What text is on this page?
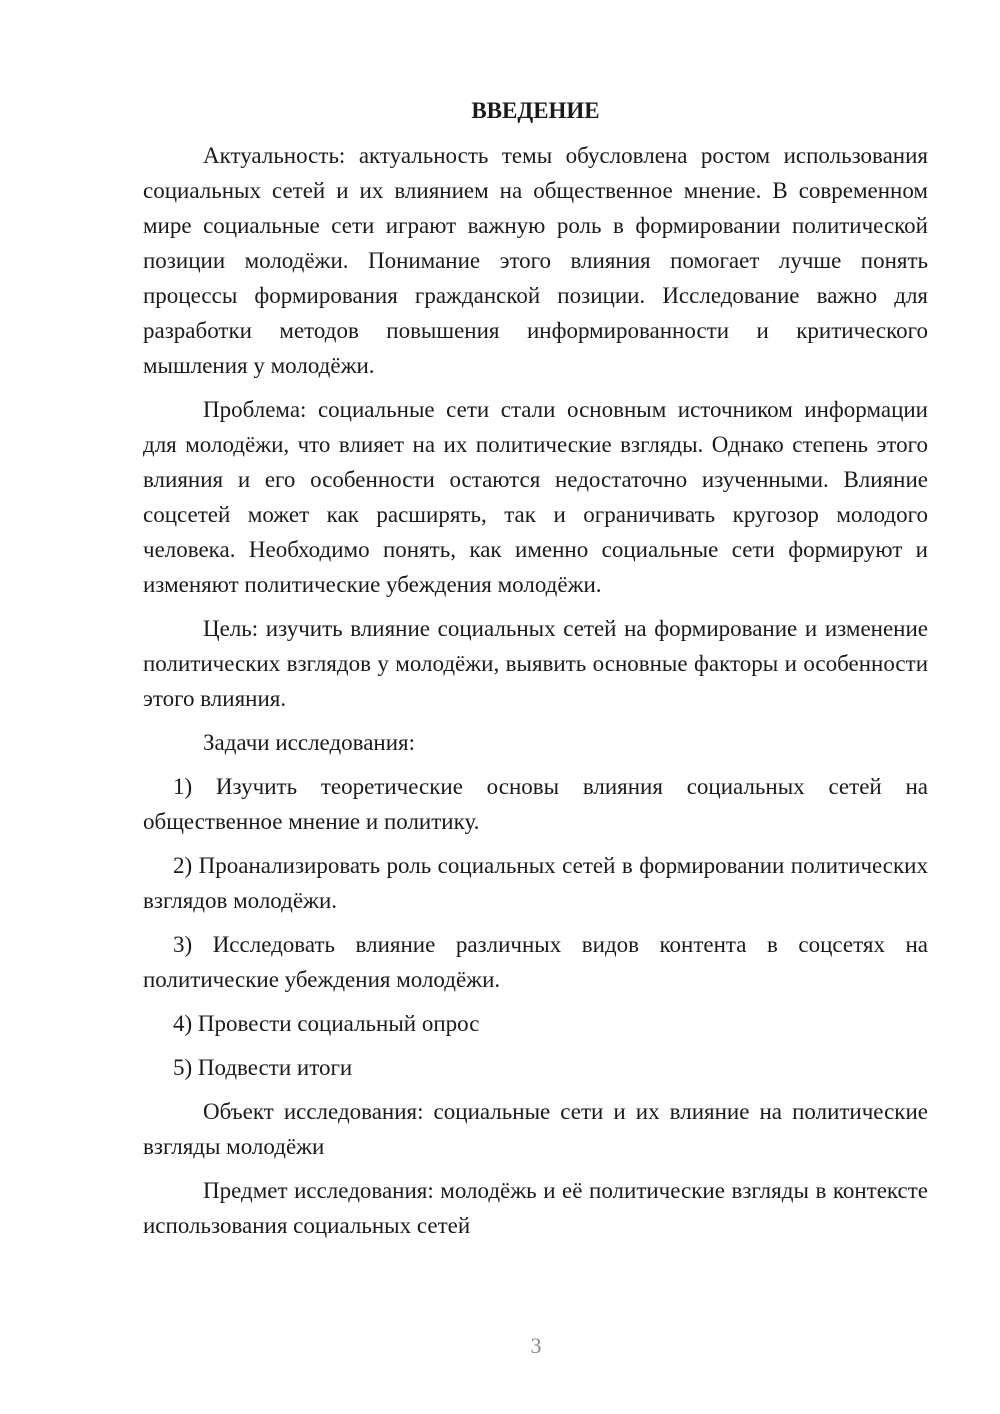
ВВЕДЕНИЕ

Актуальность: актуальность темы обусловлена ростом использования социальных сетей и их влиянием на общественное мнение. В современном мире социальные сети играют важную роль в формировании политической позиции молодёжи. Понимание этого влияния помогает лучше понять процессы формирования гражданской позиции. Исследование важно для разработки методов повышения информированности и критического мышления у молодёжи.

Проблема: социальные сети стали основным источником информации для молодёжи, что влияет на их политические взгляды. Однако степень этого влияния и его особенности остаются недостаточно изученными. Влияние соцсетей может как расширять, так и ограничивать кругозор молодого человека. Необходимо понять, как именно социальные сети формируют и изменяют политические убеждения молодёжи.

Цель: изучить влияние социальных сетей на формирование и изменение политических взглядов у молодёжи, выявить основные факторы и особенности этого влияния.

Задачи исследования:

1) Изучить теоретические основы влияния социальных сетей на общественное мнение и политику.

2) Проанализировать роль социальных сетей в формировании политических взглядов молодёжи.

3) Исследовать влияние различных видов контента в соцсетях на политические убеждения молодёжи.

4) Провести социальный опрос

5) Подвести итоги

Объект исследования: социальные сети и их влияние на политические взгляды молодёжи

Предмет исследования: молодёжь и её политические взгляды в контексте использования социальных сетей

3
